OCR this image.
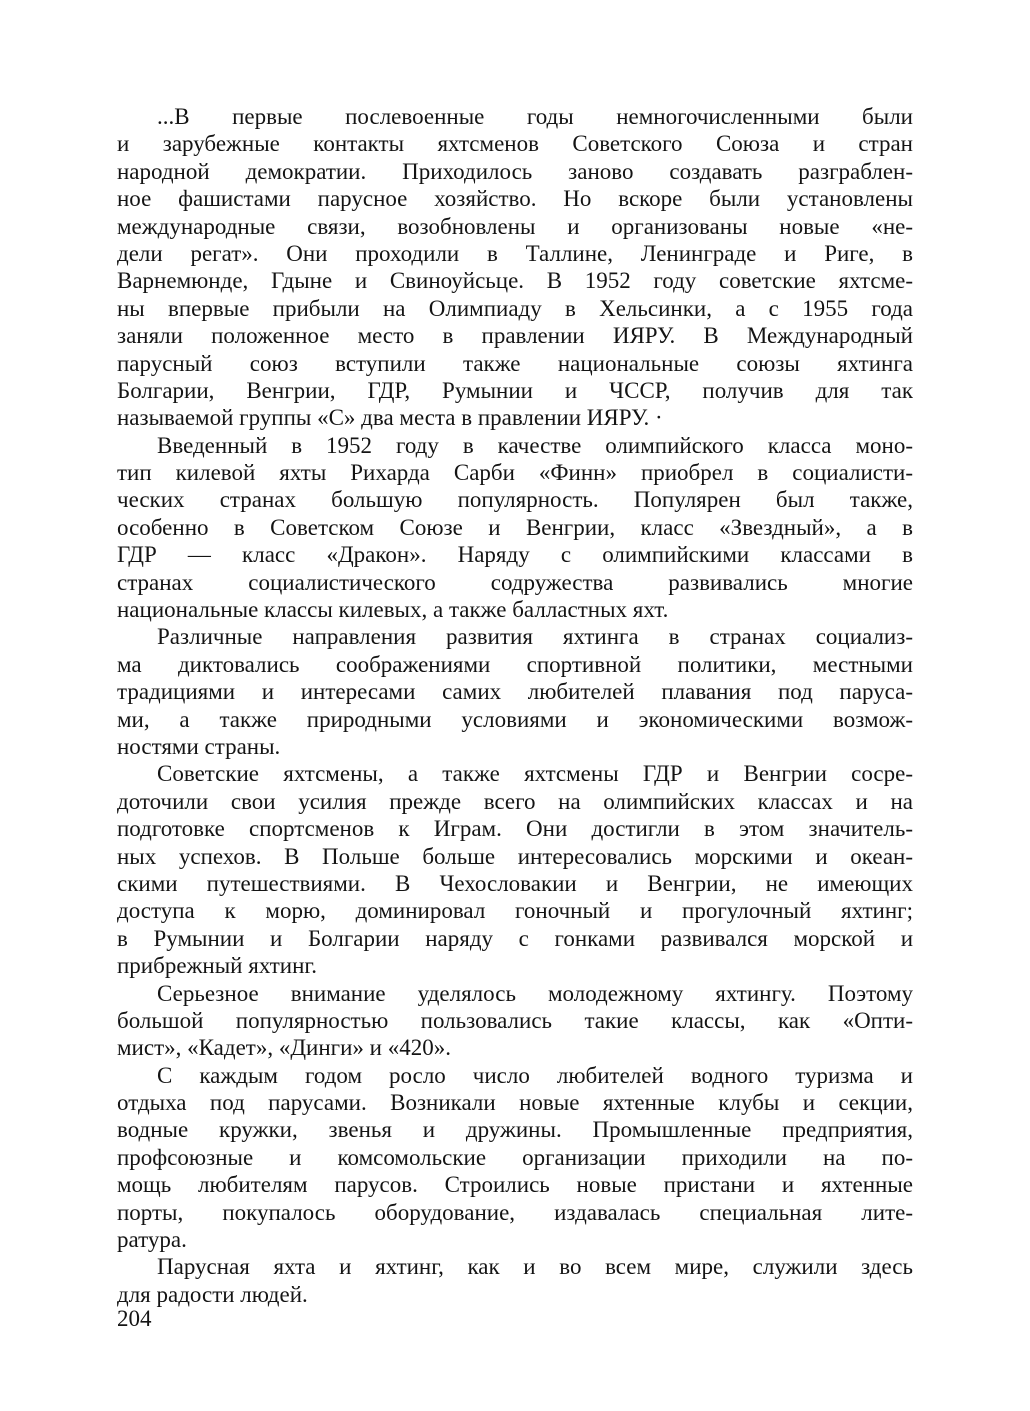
...В первые послевоенные годы немногочисленными были
и зарубежные контакты яхтсменов Советского Союза и стран
народной демократии. Приходилось заново создавать разграблен-
ное фашистами парусное хозяйство. Но вскоре были установлены
международные связи, возобновлены и организованы новые «не-
дели регат». Они проходили в Таллине, Ленинграде и Риге, в
Варнемюнде, Гдыне и Свиноуйсьце. В 1952 году советские яхтсме-
ны впервые прибыли на Олимпиаду в Хельсинки, а с 1955 года
заняли положенное место в правлении ИЯРУ. В Международный
парусный союз вступили также национальные союзы яхтинга
Болгарии, Венгрии, ГДР, Румынии и ЧССР, получив для так
называемой группы «С» два места в правлении ИЯРУ. ·
Введенный в 1952 году в качестве олимпийского класса моно-
тип килевой яхты Рихарда Сарби «Финн» приобрел в социалисти-
ческих странах большую популярность. Популярен был также,
особенно в Советском Союзе и Венгрии, класс «Звездный», а в
ГДР — класс «Дракон». Наряду с олимпийскими классами в
странах социалистического содружества развивались многие
национальные классы килевых, а также балластных яхт.
Различные направления развития яхтинга в странах социализ-
ма диктовались соображениями спортивной политики, местными
традициями и интересами самих любителей плавания под паруса-
ми, а также природными условиями и экономическими возмож-
ностями страны.
Советские яхтсмены, а также яхтсмены ГДР и Венгрии сосре-
доточили свои усилия прежде всего на олимпийских классах и на
подготовке спортсменов к Играм. Они достигли в этом значитель-
ных успехов. В Польше больше интересовались морскими и океан-
скими путешествиями. В Чехословакии и Венгрии, не имеющих
доступа к морю, доминировал гоночный и прогулочный яхтинг;
в Румынии и Болгарии наряду с гонками развивался морской и
прибрежный яхтинг.
Серьезное внимание уделялось молодежному яхтингу. Поэтому
большой популярностью пользовались такие классы, как «Опти-
мист», «Кадет», «Динги» и «420».
С каждым годом росло число любителей водного туризма и
отдыха под парусами. Возникали новые яхтенные клубы и секции,
водные кружки, звенья и дружины. Промышленные предприятия,
профсоюзные и комсомольские организации приходили на по-
мощь любителям парусов. Строились новые пристани и яхтенные
порты, покупалось оборудование, издавалась специальная лите-
ратура.
Парусная яхта и яхтинг, как и во всем мире, служили здесь
для радости людей.
204
